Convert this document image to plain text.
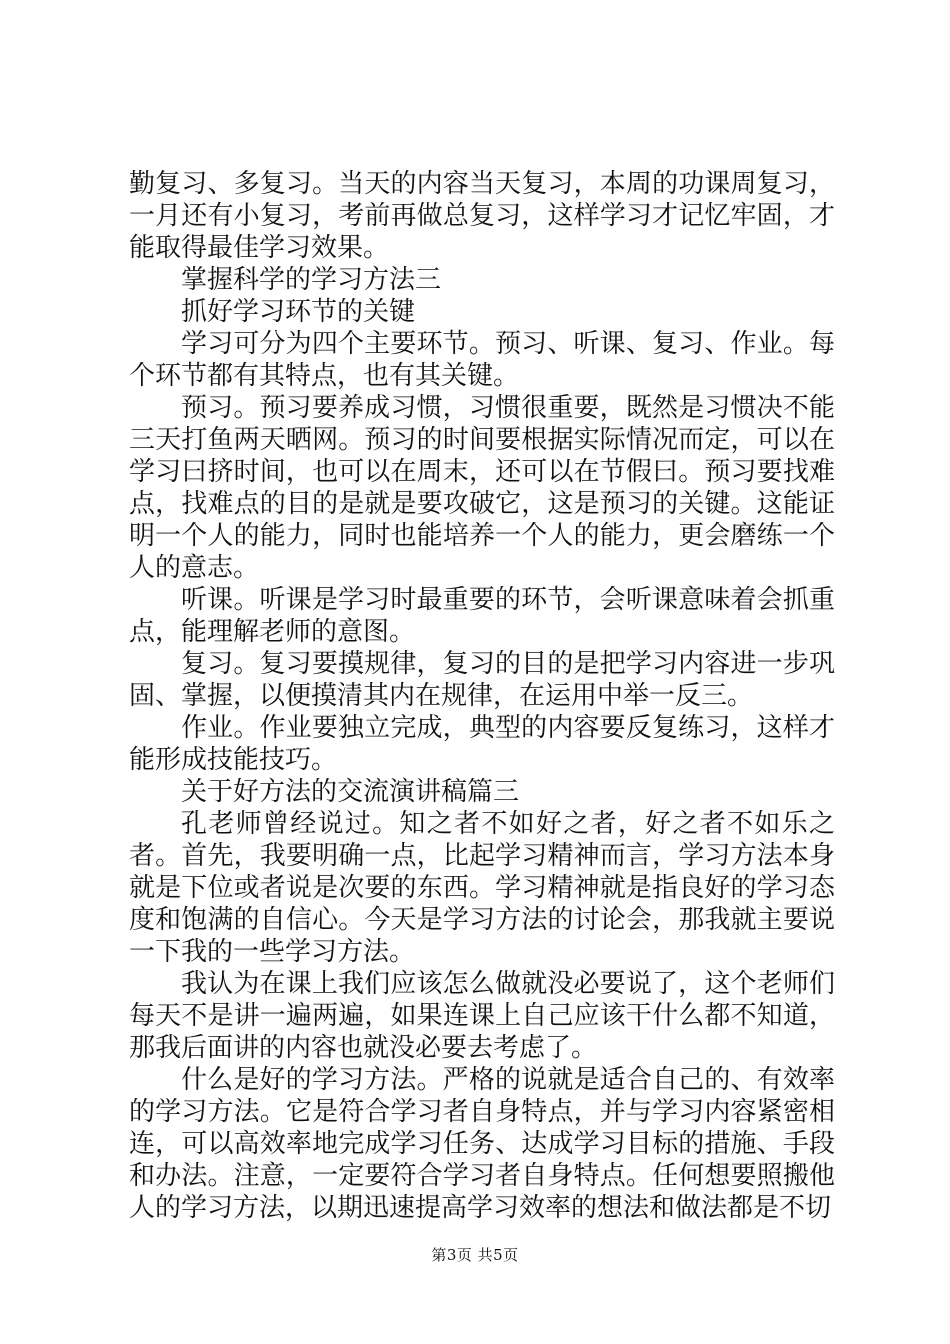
勤复习、多复习。当天的内容当天复习，本周的功课周复习，一月还有小复习，考前再做总复习，这样学习才记忆牢固，才能取得最佳学习效果。

掌握科学的学习方法三

抓好学习环节的关键

学习可分为四个主要环节。预习、听课、复习、作业。每个环节都有其特点，也有其关键。

预习。预习要养成习惯，习惯很重要，既然是习惯决不能三天打鱼两天晒网。预习的时间要根据实际情况而定，可以在学习曰挤时间，也可以在周末，还可以在节假曰。预习要找难点，找难点的目的是就是要攻破它，这是预习的关键。这能证明一个人的能力，同时也能培养一个人的能力，更会磨练一个人的意志。

听课。听课是学习时最重要的环节，会听课意味着会抓重点，能理解老师的意图。

复习。复习要摸规律，复习的目的是把学习内容进一步巩固、掌握，以便摸清其内在规律，在运用中举一反三。

作业。作业要独立完成，典型的内容要反复练习，这样才能形成技能技巧。

关于好方法的交流演讲稿篇三

孔老师曾经说过。知之者不如好之者，好之者不如乐之者。首先，我要明确一点，比起学习精神而言，学习方法本身就是下位或者说是次要的东西。学习精神就是指良好的学习态度和饱满的自信心。今天是学习方法的讨论会，那我就主要说一下我的一些学习方法。

我认为在课上我们应该怎么做就没必要说了，这个老师们每天不是讲一遍两遍，如果连课上自己应该干什么都不知道，那我后面讲的内容也就没必要去考虑了。

什么是好的学习方法。严格的说就是适合自己的、有效率的学习方法。它是符合学习者自身特点，并与学习内容紧密相连，可以高效率地完成学习任务、达成学习目标的措施、手段和办法。注意，一定要符合学习者自身特点。任何想要照搬他人的学习方法，以期迅速提高学习效率的想法和做法都是不切

第3页 共5页
